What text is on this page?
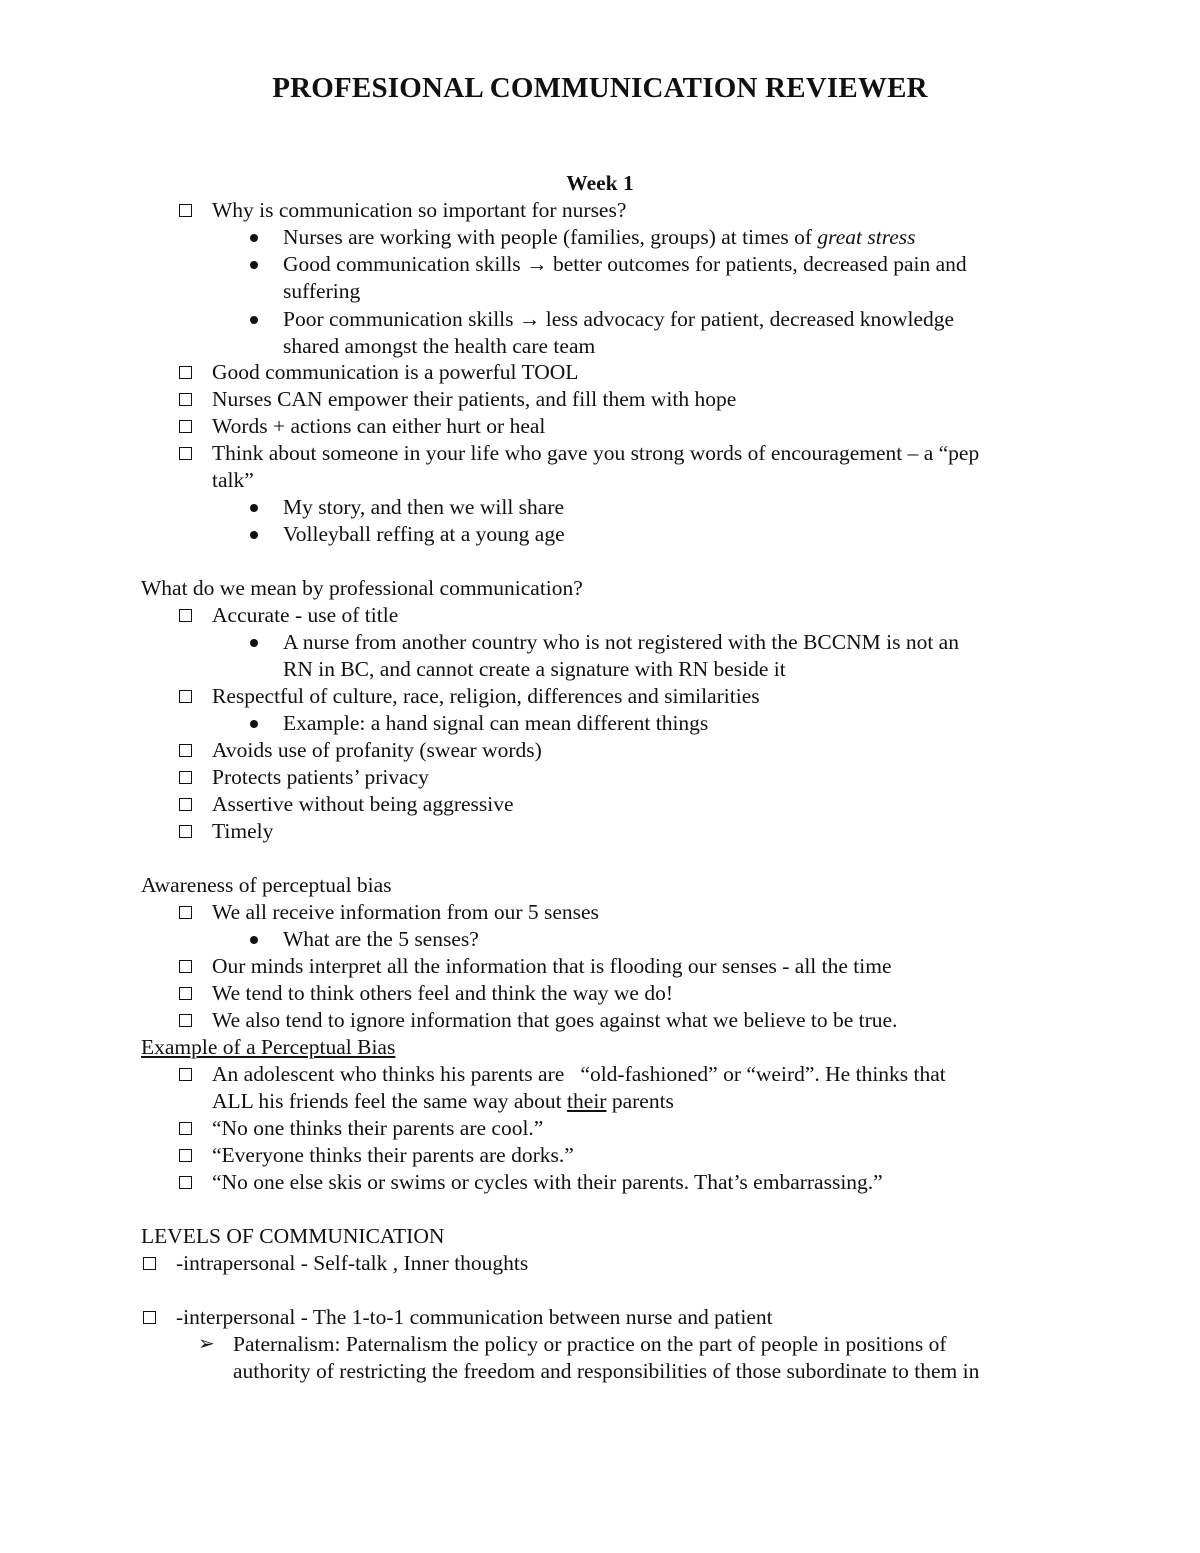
PROFESIONAL COMMUNICATION REVIEWER
Week 1
Why is communication so important for nurses?
Nurses are working with people (families, groups) at times of great stress
Good communication skills → better outcomes for patients, decreased pain and
suffering
Poor communication skills → less advocacy for patient, decreased knowledge
shared amongst the health care team
Good communication is a powerful TOOL
Nurses CAN empower their patients, and fill them with hope
Words + actions can either hurt or heal
Think about someone in your life who gave you strong words of encouragement – a “pep
talk”
My story, and then we will share
Volleyball reffing at a young age
What do we mean by professional communication?
Accurate - use of title
A nurse from another country who is not registered with the BCCNM is not an
RN in BC, and cannot create a signature with RN beside it
Respectful of culture, race, religion, differences and similarities
Example: a hand signal can mean different things
Avoids use of profanity (swear words)
Protects patients’ privacy
Assertive without being aggressive
Timely
Awareness of perceptual bias
We all receive information from our 5 senses
What are the 5 senses?
Our minds interpret all the information that is flooding our senses - all the time
We tend to think others feel and think the way we do!
We also tend to ignore information that goes against what we believe to be true.
Example of a Perceptual Bias
An adolescent who thinks his parents are   “old-fashioned” or “weird”. He thinks that
ALL his friends feel the same way about their parents
“No one thinks their parents are cool.”
“Everyone thinks their parents are dorks.”
“No one else skis or swims or cycles with their parents. That’s embarrassing.”
LEVELS OF COMMUNICATION
-intrapersonal - Self-talk , Inner thoughts
-interpersonal - The 1-to-1 communication between nurse and patient
➢ Paternalism: Paternalism the policy or practice on the part of people in positions of
authority of restricting the freedom and responsibilities of those subordinate to them in
